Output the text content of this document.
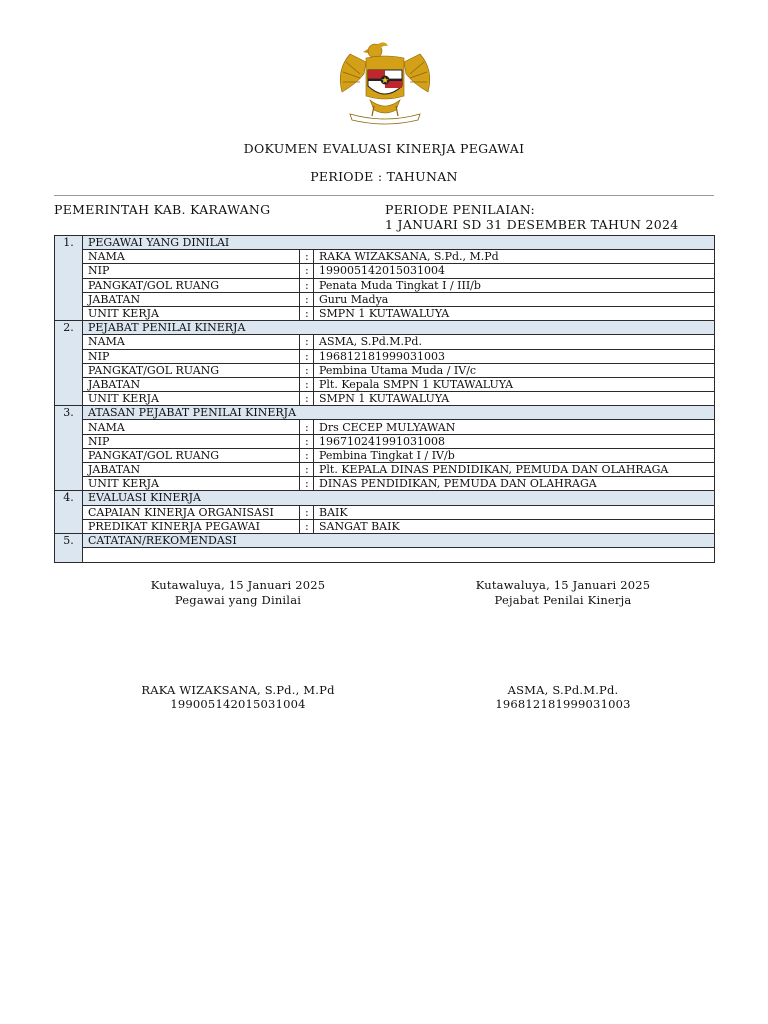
DOKUMEN EVALUASI KINERJA PEGAWAI
PERIODE : TAHUNAN
PEMERINTAH KAB. KARAWANG	PERIODE PENILAIAN:
1 JANUARI SD 31 DESEMBER TAHUN 2024
1.	PEGAWAI YANG DINILAI		
	NAMA	:	RAKA WIZAKSANA, S.Pd., M.Pd
	NIP	:	199005142015031004
	PANGKAT/GOL RUANG	:	Penata Muda Tingkat I / III/b
	JABATAN	:	Guru Madya
	UNIT KERJA	:	SMPN 1 KUTAWALUYA
2.	PEJABAT PENILAI KINERJA		
	NAMA	:	ASMA, S.Pd.M.Pd.
	NIP	:	196812181999031003
	PANGKAT/GOL RUANG	:	Pembina Utama Muda / IV/c
	JABATAN	:	Plt. Kepala SMPN 1 KUTAWALUYA
	UNIT KERJA	:	SMPN 1 KUTAWALUYA
3.	ATASAN PEJABAT PENILAI KINERJA		
	NAMA	:	Drs CECEP MULYAWAN
	NIP	:	196710241991031008
	PANGKAT/GOL RUANG	:	Pembina Tingkat I / IV/b
	JABATAN	:	Plt. KEPALA DINAS PENDIDIKAN, PEMUDA DAN OLAHRAGA
	UNIT KERJA	:	DINAS PENDIDIKAN, PEMUDA DAN OLAHRAGA
4.	EVALUASI KINERJA		
	CAPAIAN KINERJA ORGANISASI	:	BAIK
	PREDIKAT KINERJA PEGAWAI	:	SANGAT BAIK
5.	CATATAN/REKOMENDASI		

Kutawaluya, 15 Januari 2025
Pegawai yang Dinilai
RAKA WIZAKSANA, S.Pd., M.Pd
199005142015031004
Kutawaluya, 15 Januari 2025
Pejabat Penilai Kinerja
ASMA, S.Pd.M.Pd.
196812181999031003
